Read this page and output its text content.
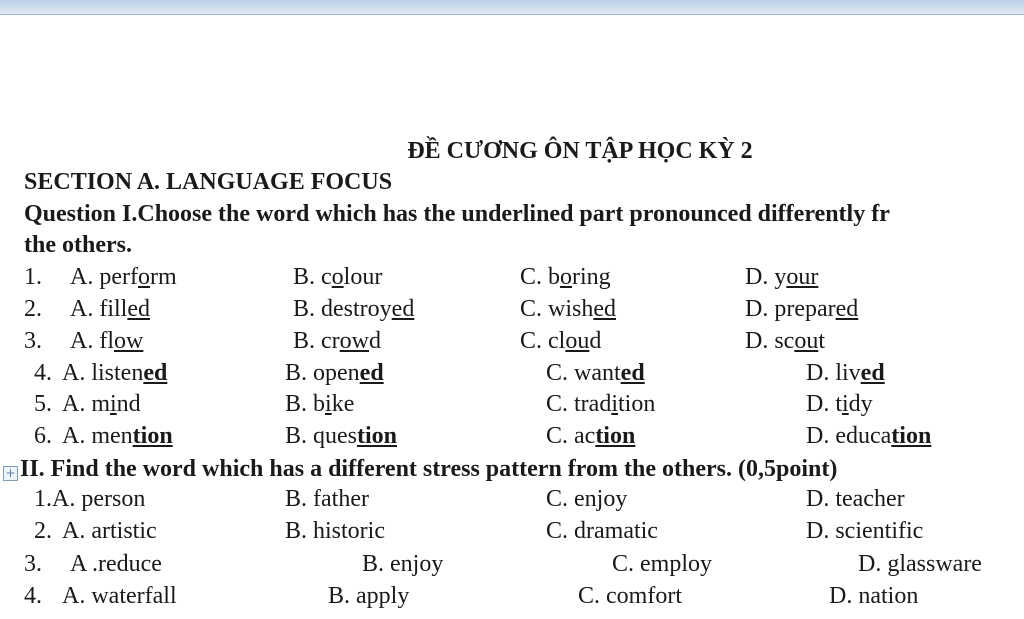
ĐỀ CƯƠNG ÔN TẬP HỌC KỲ 2
SECTION A. LANGUAGE FOCUS
Question I.Choose the word which has the underlined part pronounced differently fr
the others.
1. A. perform	B. colour	C. boring	D. your
2. A. filled	B. destroyed	C. wished	D. prepared
3. A. flow	B. crowd	C. cloud	D. scout
4. A. listened	B. opened	C. wanted	D. lived
5. A. mind	B. bike	C. tradition	D. tidy
6. A. mention	B. question	C. action	D. education
+ II. Find the word which has a different stress pattern from the others. (0,5point)
1. A. person	B. father	C. enjoy	D. teacher
2. A. artistic	B. historic	C. dramatic	D. scientific
3. A .reduce	B. enjoy	C. employ	D. glassware
4. A. waterfall	B. apply	C. comfort	D. nation
